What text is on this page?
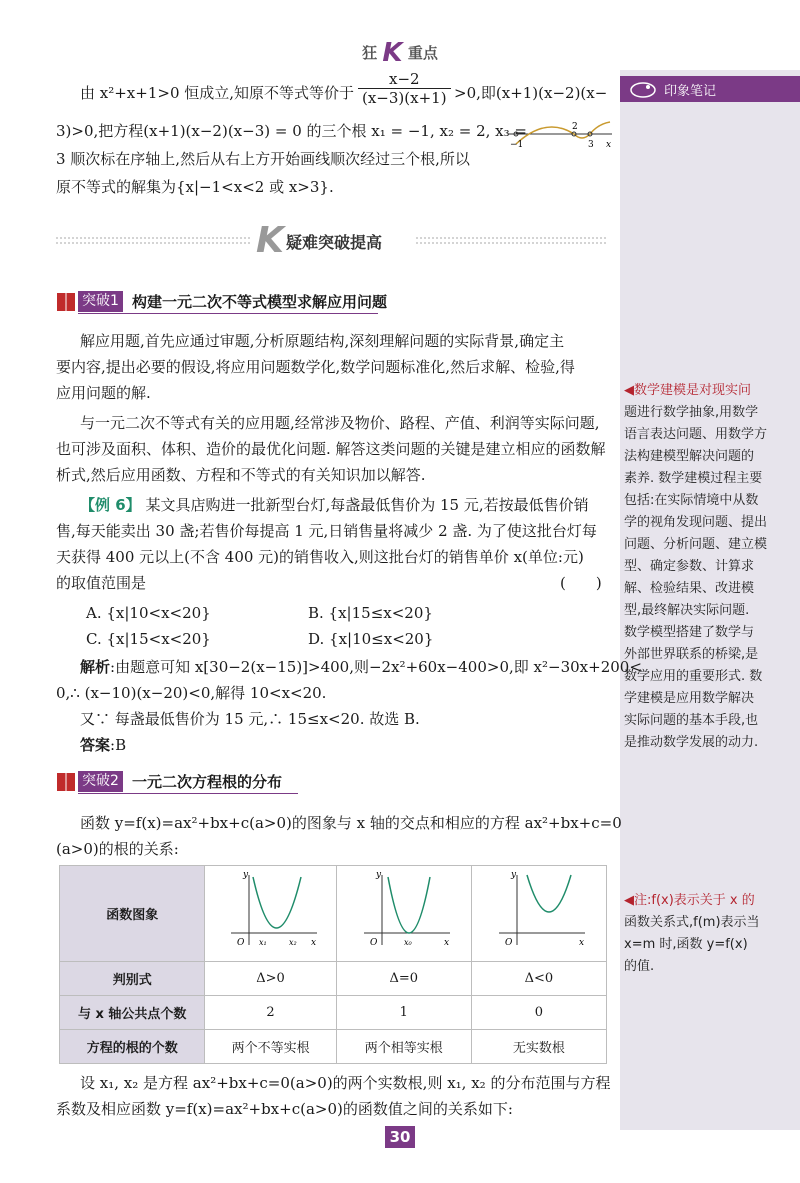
印象笔记
狂 K 重点
由 x²+x+1>0 恒成立,知原不等式等价于
x−2
(x−3)(x+1) >0,即(x+1)(x−2)(x−
3)>0,把方程(x+1)(x−2)(x−3) = 0 的三个根 x₁ = −1, x₂ = 2, x₃ =
3 顺次标在序轴上,然后从右上方开始画线顺次经过三个根,所以
原不等式的解集为{x|−1<x<2 或 x>3}.
−1
2
3 x
K 疑难突破提高
突破1 构建一元二次不等式模型求解应用问题
解应用题,首先应通过审题,分析原题结构,深刻理解问题的实际背景,确定主
要内容,提出必要的假设,将应用问题数学化,数学问题标准化,然后求解、检验,得
应用问题的解.
与一元二次不等式有关的应用题,经常涉及物价、路程、产值、利润等实际问题,
也可涉及面积、体积、造价的最优化问题. 解答这类问题的关键是建立相应的函数解
析式,然后应用函数、方程和不等式的有关知识加以解答.
【例 6】 某文具店购进一批新型台灯,每盏最低售价为 15 元,若按最低售价销
售,每天能卖出 30 盏;若售价每提高 1 元,日销售量将减少 2 盏. 为了使这批台灯每
天获得 400 元以上(不含 400 元)的销售收入,则这批台灯的销售单价 x(单位:元)
的取值范围是	(　　)
A. {x|10<x<20}	B. {x|15≤x<20}
C. {x|15<x<20}	D. {x|10≤x<20}
解析:由题意可知 x[30−2(x−15)]>400,则−2x²+60x−400>0,即 x²−30x+200<
0,∴ (x−10)(x−20)<0,解得 10<x<20.
又∵ 每盏最低售价为 15 元,∴ 15≤x<20. 故选 B.
答案:B
突破2 一元二次方程根的分布
函数 y=f(x)=ax²+bx+c(a>0)的图象与 x 轴的交点和相应的方程 ax²+bx+c=0
(a>0)的根的关系:
函数图象	y
x
O x₁ x₂	y
x
O x₀	y
x
O

判别式	Δ>0	Δ=0	Δ<0
与 x 轴公共点个数	2	1	0
方程的根的个数	两个不等实根	两个相等实根	无实数根
设 x₁, x₂ 是方程 ax²+bx+c=0(a>0)的两个实数根,则 x₁, x₂ 的分布范围与方程
系数及相应函数 y=f(x)=ax²+bx+c(a>0)的函数值之间的关系如下:
◀数学建模是对现实问
题进行数学抽象,用数学
语言表达问题、用数学方
法构建模型解决问题的
素养. 数学建模过程主要
包括:在实际情境中从数
学的视角发现问题、提出
问题、分析问题、建立模
型、确定参数、计算求
解、检验结果、改进模
型,最终解决实际问题.
数学模型搭建了数学与
外部世界联系的桥梁,是
数学应用的重要形式. 数
学建模是应用数学解决
实际问题的基本手段,也
是推动数学发展的动力.
◀注:f(x)表示关于 x 的
函数关系式,f(m)表示当
x=m 时,函数 y=f(x)
的值.
30
